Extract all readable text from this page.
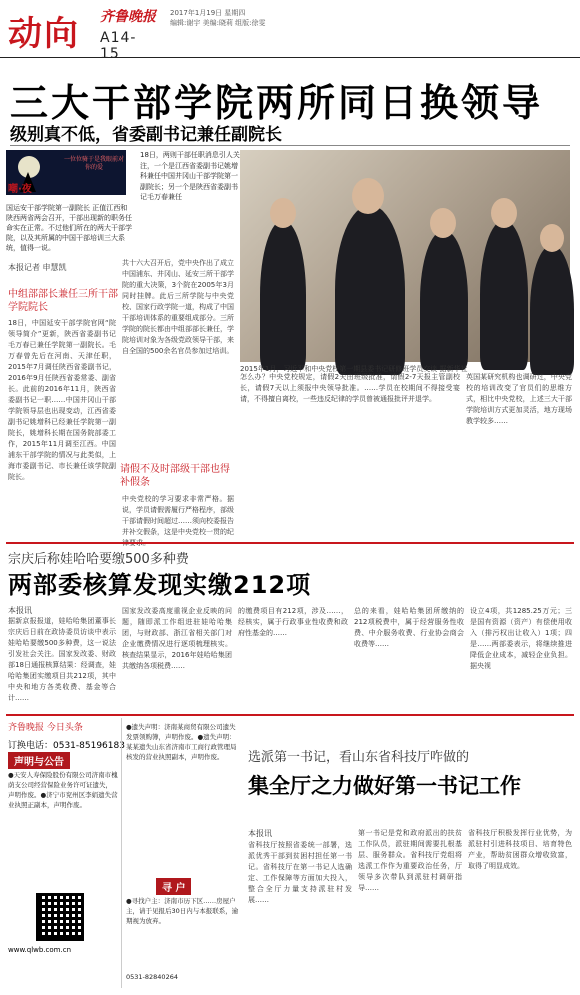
动向 齐鲁晚报 2017年1月19日 星期四
编辑:谢宇 美编:晓莉 组版:徐雯
A14-15
三大干部学院两所同日换领导
级别真不低，省委副书记兼任副院长
一位位骑于是我眼前对你的爱
嘲·夜

国运安干部学院第一副院长 正值江西和陕西两省两会召开，干部出现新的职务任命实在正常。不过他们所在的两大干部学院，以及其所属的中国干部培训三大系统，值得一说。

18日，两则干部任职消息引人关注，一个是江西省委副书记姚增科兼任中国井冈山干部学院第一副院长；另一个是陕西省委副书记毛万春兼任

2015年1月，习近平和中央党校第一期县委书记研修班学员交谈 据新华社
本报记者 申慧凯
中组部部长兼任三所干部学院院长

18日，中国延安干部学院官网“院领导简介”更新，陕西省委副书记毛万春已兼任学院第一副院长。毛万春曾先后在河南、天津任职，2015年7月调任陕西省委副书记，2016年9月任陕西省委常委、副省长。此前的2016年11月，陕西省委副书记一职……中国井冈山干部学院领导层也出现变动，江西省委副书记姚增科已经兼任学院第一副院长，姚增科长期在国务院部委工作，2015年11月调至江西。中国浦东干部学院的情况与此类似，上海市委副书记、市长兼任该学院副院长。

共十六大召开后，党中央作出了成立中国浦东、井冈山、延安三所干部学院的重大决策，3个院在2005年3月同时挂牌。此后三所学院与中央党校、国家行政学院一道，构成了中国干部培训体系的重要组成部分。三所学院的院长都由中组部部长兼任，学院培训对象为各级党政领导干部，来自全国的500余名官员参加过培训。

请假不及时部级干部也得补假条

中央党校的学习要求非常严格。据说，学员请假需履行严格程序，部级干部请假时间超过……须向校委报告并补交假条，这是中央党校一贯的纪律要求。

怎么办？中央党校规定，请假2天由班级批准，请假2-7天报主管副校长，请假7天以上须报中央领导批准。……学员在校期间不得接受宴请，不得擅自离校，一些违反纪律的学员曾被通报批评并退学。

英国某研究机构也调研过，中央党校的培训改变了官员们的思维方式，相比中央党校，上述三大干部学院培训方式更加灵活，地方现场教学较多……

宗庆后称娃哈哈要缴500多种费
两部委核算发现实缴212项
本报讯

据新京报报道，娃哈哈集团董事长宗庆后日前在政协委员访谈中表示娃哈哈要缴500多种费，这一说法引发社会关注。国家发改委、财政部18日通报核算结果：经调查，娃哈哈集团实缴项目共212项，其中中央和地方各类收费、基金等合计……

国家发改委高度重视企业反映的问题，随即派工作组进驻娃哈哈集团，与财政部、浙江省相关部门对企业缴费情况进行逐项梳理核实。核查结果显示，2016年娃哈哈集团共缴纳各项税费……

的缴费项目有212项，涉及……，经核实，属于行政事业性收费和政府性基金的……

总的来看，娃哈哈集团所缴纳的212项税费中，属于经营服务性收费、中介服务收费、行业协会商会收费等……

设立4项，共1285.25万元；三是国有资源（资产）有偿使用收入（排污权出让收入）1项；四是……两部委表示，将继续推进降低企业成本，减轻企业负担。 据央视

齐鲁晚报 今日头条
订换电话：0531-85196183
声明与公告

●天安人寿保险股份有限公司济南市槐荫支公司经营保险业务许可证遗失，声明作废。●济宁市兖州区李娟遗失营业执照正副本，声明作废。

www.qlwb.com.cn

●遗失声明：济南某商贸有限公司遗失发票领购簿，声明作废。●遗失声明：某某遗失山东省济南市工商行政管理局核发的营业执照副本，声明作废。

寻 户

●寻找户主：济南市历下区……房屋户主，请于见报后30日内与本报联系，逾期视为放弃。

0531-82840264
选派第一书记，看山东省科技厅咋做的
集全厅之力做好第一书记工作
本报讯

省科技厅按照省委统一部署，选派优秀干部到贫困村担任第一书记。省科技厅在第一书记人选确定、工作保障等方面加大投入，整合全厅力量支持派驻村发展……

第一书记是党和政府派出的扶贫工作队员，派驻期间需要扎根基层、服务群众。省科技厅党组将选派工作作为重要政治任务，厅领导多次带队到派驻村调研指导……

省科技厅积极发挥行业优势，为派驻村引进科技项目、培育特色产业，帮助贫困群众增收致富，取得了明显成效。
